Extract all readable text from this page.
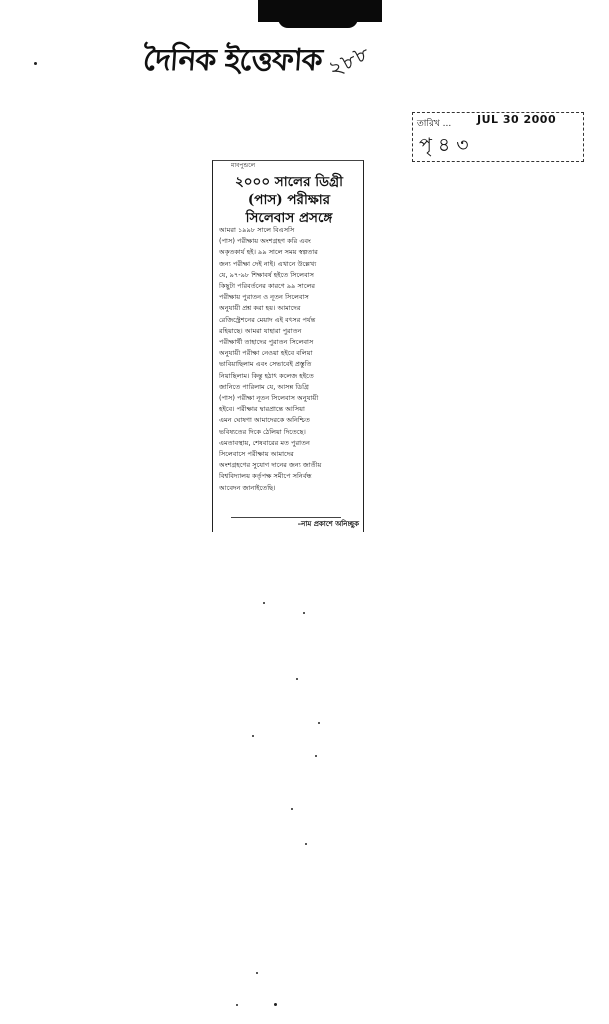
দৈনিক ইত্তেফাক ২৮৮
তারিখ ... JUL 30 2000
পৃ ৪ ৩
মাবপুন্ডলে
২০০০ সালের ডিগ্রী
(পাস) পরীক্ষার
সিলেবাস প্রসঙ্গে
আমরা ১৯৯৮ সালে বিএসসি
(পাস) পরীক্ষায় অংশগ্রহণ করি এবং
অকৃতকার্য হই। ৯৯ সালে সময় স্বল্পতার
জন্য পরীক্ষা দেই নাই। এখানে উল্লেখ্য
যে, ৯৭-৯৮ শিক্ষাবর্ষ হইতে সিলেবাস
কিছুটা পরিবর্তনের কারণে ৯৯ সালের
পরীক্ষায় পুরাতন ও নূতন সিলেবাস
অনুযায়ী প্রশ্ন করা হয়। আমাদের
রেজিস্ট্রেশনের মেয়াদ এই বৎসর পর্যন্ত
রহিয়াছে। আমরা যাহারা পুরাতন
পরীক্ষার্থী তাহাদের পুরাতন সিলেবাস
অনুযায়ী পরীক্ষা নেওয়া হইবে বলিয়া
ভাবিয়াছিলাম এবং সেভাবেই প্রস্তুতি
নিয়াছিলাম। কিন্তু হঠাৎ কলেজ হইতে
জানিতে পারিলাম যে, আসন্ন ডিগ্রি
(পাস) পরীক্ষা নূতন সিলেবাস অনুযায়ী
হইবে। পরীক্ষার দ্বারপ্রান্তে আসিয়া
এমন ঘোষণা আমাদেরকে অনিশ্চিত
ভবিষ্যতের দিকে ঠেলিয়া দিতেছে।
এমতাবস্থায়, শেষবারের মত পুরাতন
সিলেবাসে পরীক্ষায় আমাদের
অংশগ্রহণের সুযোগ দানের জন্য জাতীয়
বিশ্ববিদ্যালয় কর্তৃপক্ষ সমীপে সনির্বন্ধ
আবেদন জানাইতেছি।
–নাম প্রকাশে অনিচ্ছুক
